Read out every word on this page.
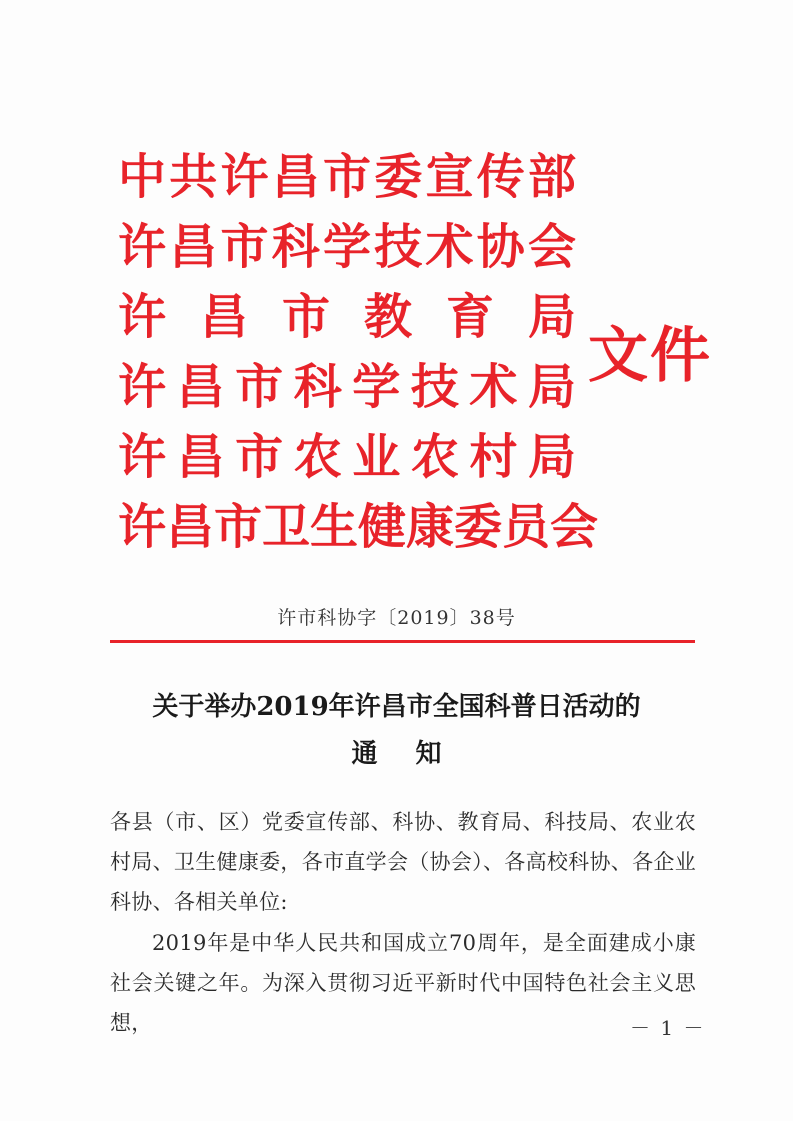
中共许昌市委宣传部
许昌市科学技术协会
许昌市教育局
许昌市科学技术局
许昌市农业农村局
许昌市卫生健康委员会
文件
许市科协字〔2019〕38号
关于举办2019年许昌市全国科普日活动的
通知
各县（市、区）党委宣传部、科协、教育局、科技局、农业农村局、卫生健康委，各市直学会（协会）、各高校科协、各企业科协、各相关单位:
2019年是中华人民共和国成立70周年，是全面建成小康社会关键之年。为深入贯彻习近平新时代中国特色社会主义思想，	－ 1 －
